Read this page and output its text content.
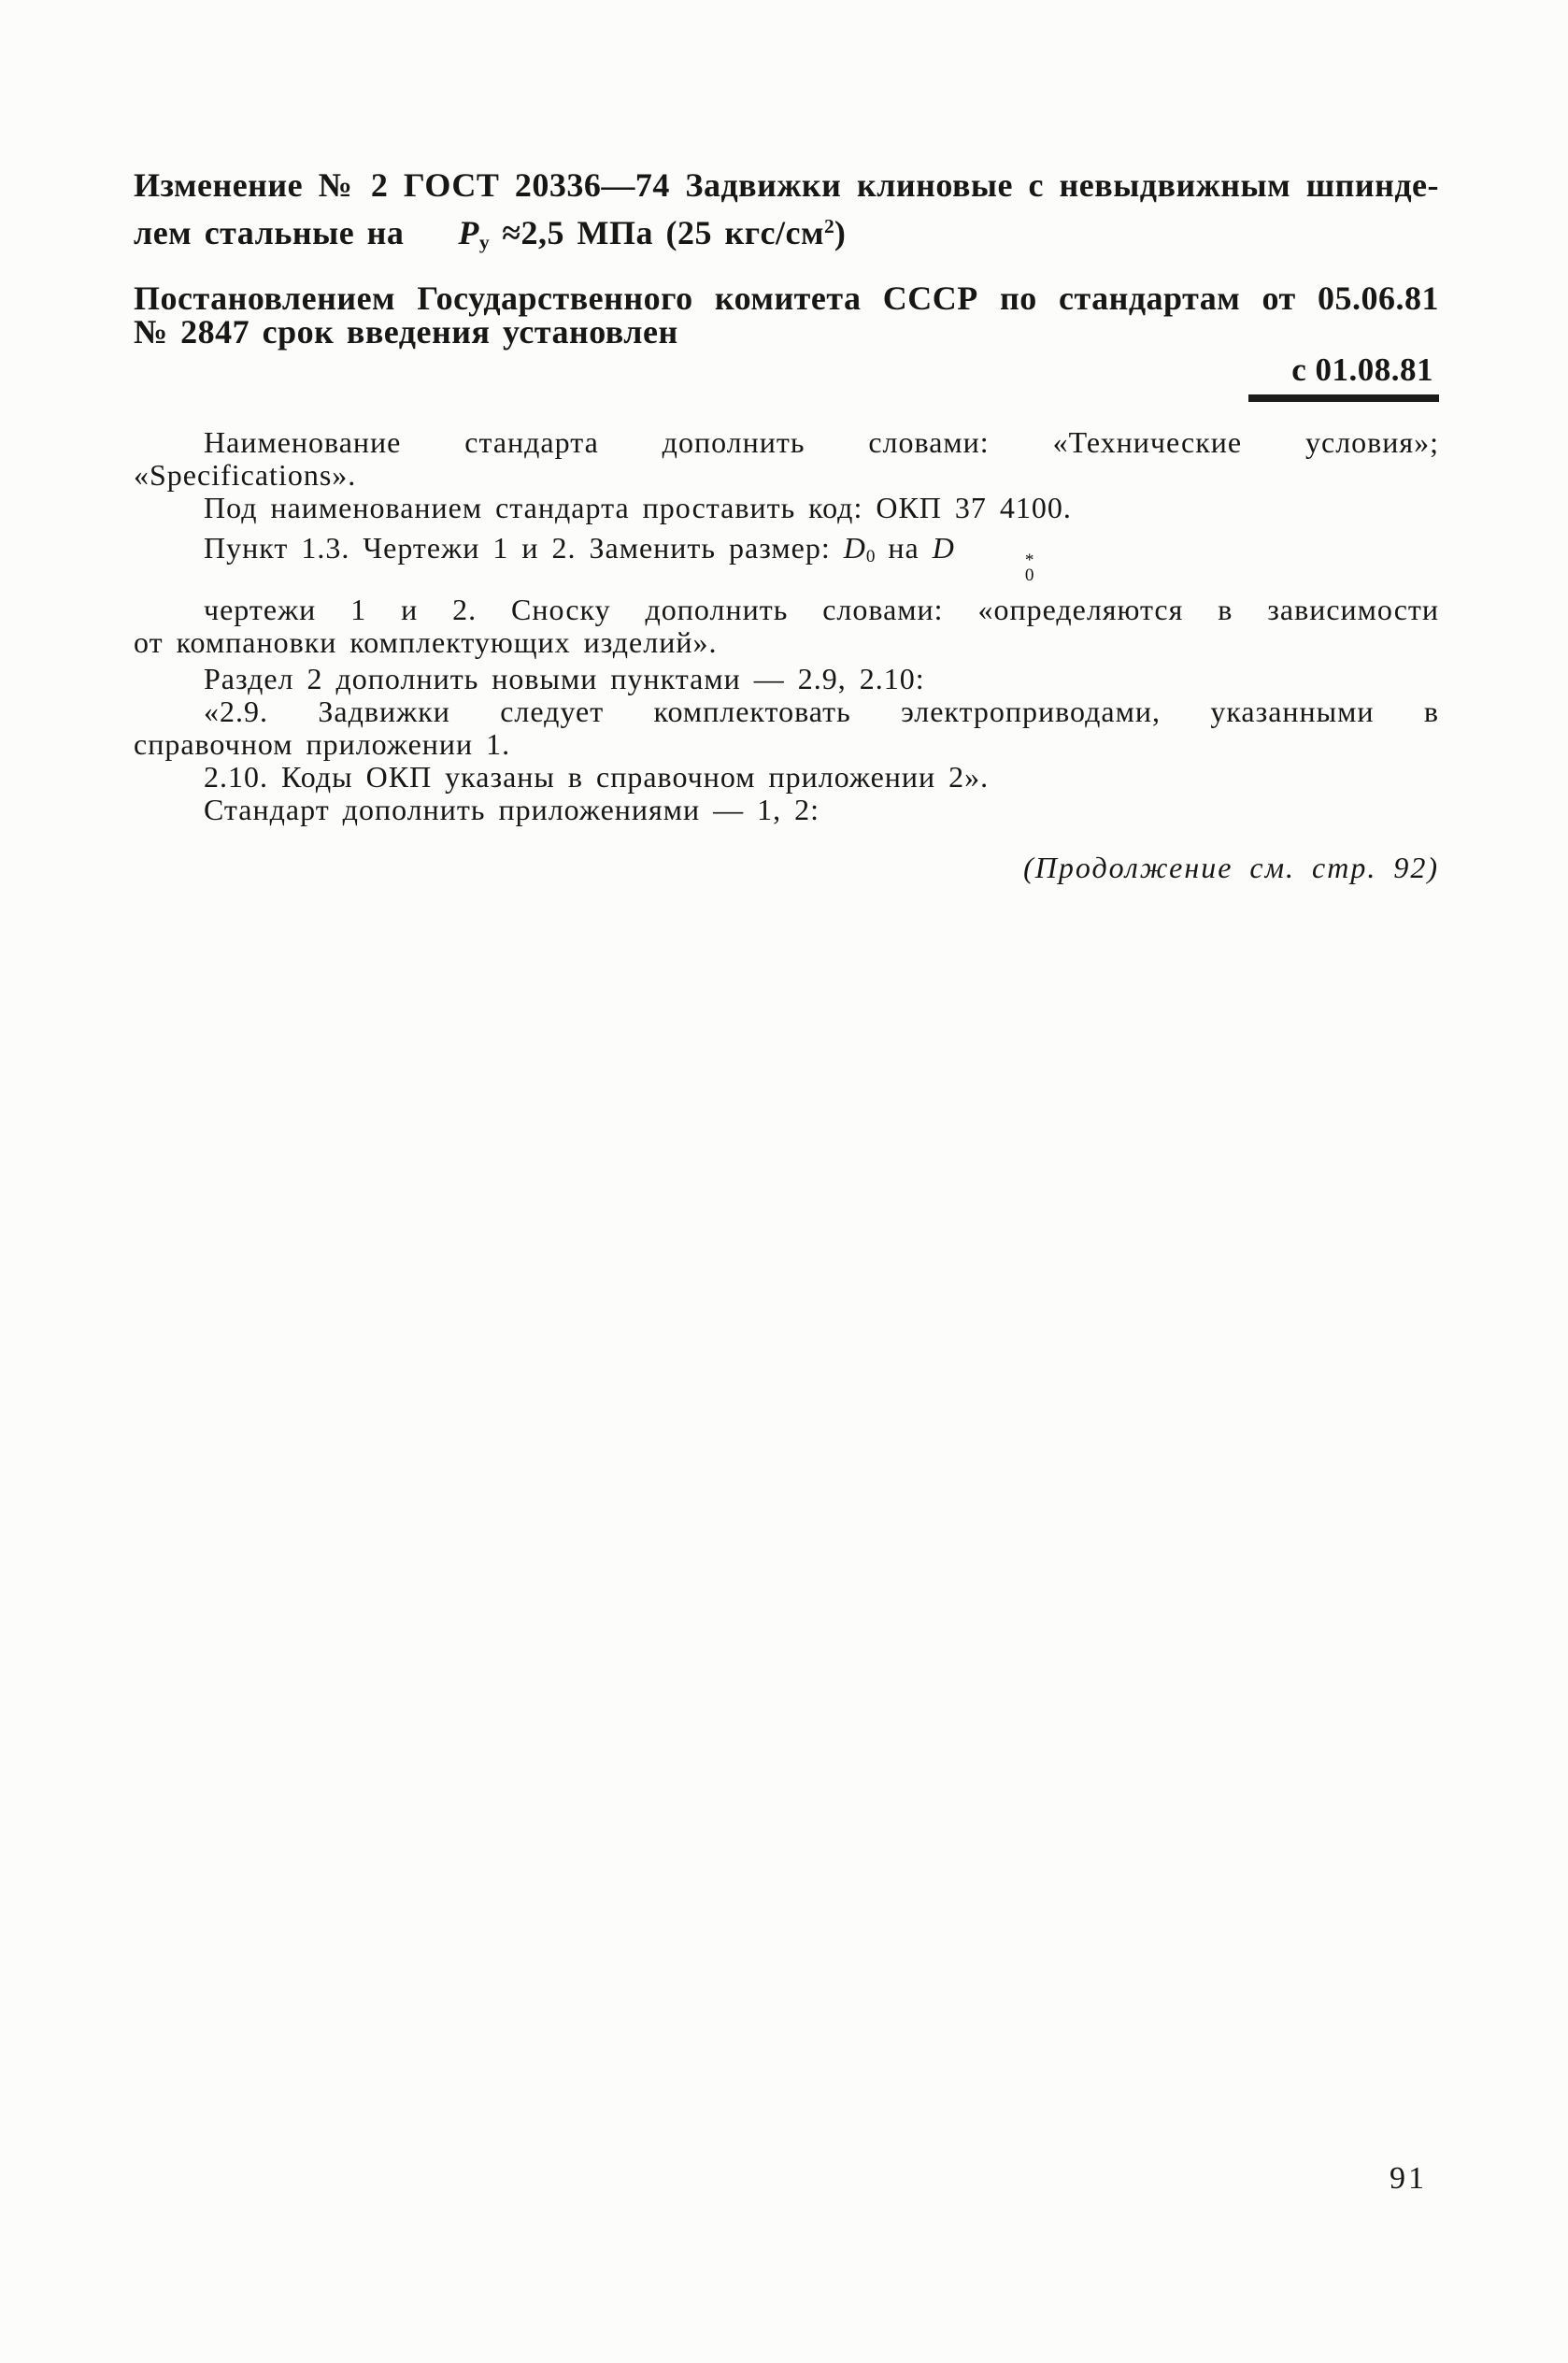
Изменение № 2 ГОСТ 20336—74 Задвижки клиновые с невыдвижным шпинде-
лем стальные на $P_у \approx 2,5$ МПа (25 кгс/$см^2$)
Постановлением Государственного комитета СССР по стандартам от 05.06.81
№ 2847 срок введения установлен
с 01.08.81
Наименование стандарта дополнить словами: «Технические условия»;
«Specifications».
Под наименованием стандарта проставить код: ОКП 37 4100.
Пункт 1.3. Чертежи 1 и 2. Заменить размер: $D_0$ на D	*
0
чертежи 1 и 2. Сноску дополнить словами: «определяются в зависимости
от компановки комплектующих изделий».
Раздел 2 дополнить новыми пунктами — 2.9, 2.10:
«2.9. Задвижки следует комплектовать электроприводами, указанными в
справочном приложении 1.
2.10. Коды ОКП указаны в справочном приложении 2».
Стандарт дополнить приложениями — 1, 2:
(Продолжение см. стр. 92)
91
